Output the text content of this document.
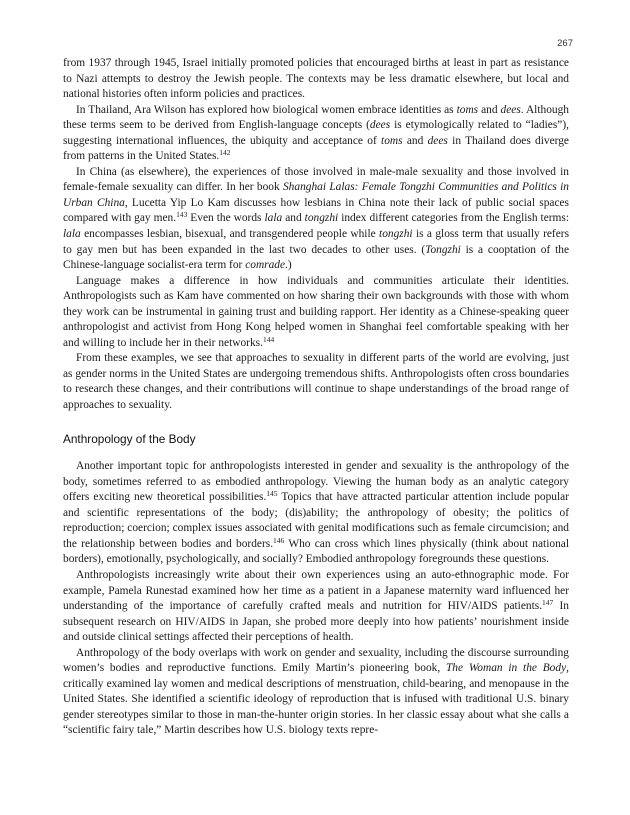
267

from 1937 through 1945, Israel initially promoted policies that encouraged births at least in part as resistance to Nazi attempts to destroy the Jewish people. The contexts may be less dramatic elsewhere, but local and national histories often inform policies and practices.

In Thailand, Ara Wilson has explored how biological women embrace identities as toms and dees. Although these terms seem to be derived from English-language concepts (dees is etymologically related to “ladies”), suggesting international influences, the ubiquity and acceptance of toms and dees in Thailand does diverge from patterns in the United States.$^{142}$

In China (as elsewhere), the experiences of those involved in male-male sexuality and those involved in female-female sexuality can differ. In her book Shanghai Lalas: Female Tongzhi Communities and Politics in Urban China, Lucetta Yip Lo Kam discusses how lesbians in China note their lack of public social spaces compared with gay men.$^{143}$ Even the words lala and tongzhi index different categories from the English terms: lala encompasses lesbian, bisexual, and transgendered people while tongzhi is a gloss term that usually refers to gay men but has been expanded in the last two decades to other uses. (Tongzhi is a cooptation of the Chinese-language socialist-era term for comrade.)

Language makes a difference in how individuals and communities articulate their identities. Anthropologists such as Kam have commented on how sharing their own backgrounds with those with whom they work can be instrumental in gaining trust and building rapport. Her identity as a Chinese-speaking queer anthropologist and activist from Hong Kong helped women in Shanghai feel comfortable speaking with her and willing to include her in their networks.$^{144}$

From these examples, we see that approaches to sexuality in different parts of the world are evolving, just as gender norms in the United States are undergoing tremendous shifts. Anthropologists often cross boundaries to research these changes, and their contributions will continue to shape understandings of the broad range of approaches to sexuality.

Anthropology of the Body

Another important topic for anthropologists interested in gender and sexuality is the anthropology of the body, sometimes referred to as embodied anthropology. Viewing the human body as an analytic category offers exciting new theoretical possibilities.$^{145}$ Topics that have attracted particular attention include popular and scientific representations of the body; (dis)ability; the anthropology of obesity; the politics of reproduction; coercion; complex issues associated with genital modifications such as female circumcision; and the relationship between bodies and borders.$^{146}$ Who can cross which lines physically (think about national borders), emotionally, psychologically, and socially? Embodied anthropology foregrounds these questions.

Anthropologists increasingly write about their own experiences using an auto-ethnographic mode. For example, Pamela Runestad examined how her time as a patient in a Japanese maternity ward influenced her understanding of the importance of carefully crafted meals and nutrition for HIV/AIDS patients.$^{147}$ In subsequent research on HIV/AIDS in Japan, she probed more deeply into how patients’ nourishment inside and outside clinical settings affected their perceptions of health.

Anthropology of the body overlaps with work on gender and sexuality, including the discourse surrounding women’s bodies and reproductive functions. Emily Martin’s pioneering book, The Woman in the Body, critically examined lay women and medical descriptions of menstruation, child-bearing, and menopause in the United States. She identified a scientific ideology of reproduction that is infused with traditional U.S. binary gender stereotypes similar to those in man-the-hunter origin stories. In her classic essay about what she calls a “scientific fairy tale,” Martin describes how U.S. biology texts repre-
